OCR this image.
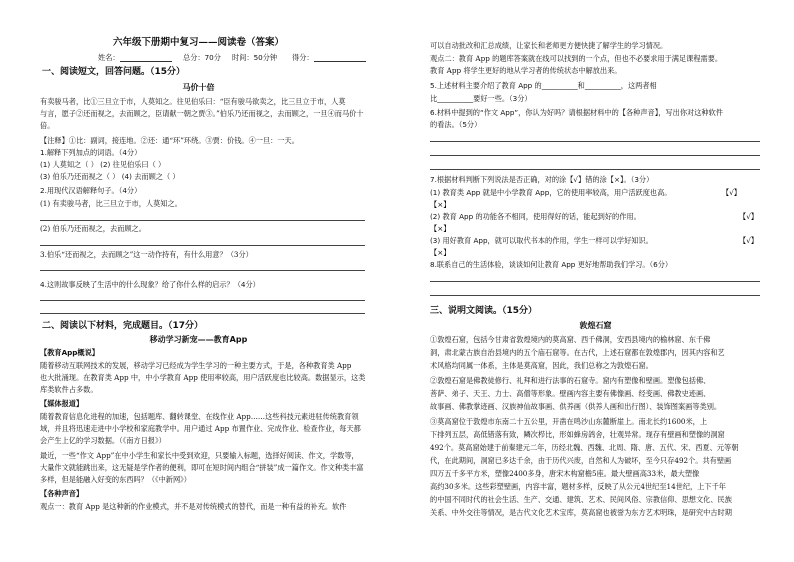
六年级下册期中复习——阅读卷（答案）
姓名：	总分：70分 时间：50分钟 得分：
一、阅读短文，回答问题。（15分）
马价十倍
有卖骏马者，比①三旦立于市，人莫知之。往见伯乐曰：“臣有骏马欲卖之，比三旦立于市，人莫
与言，愿子②还而视之，去而顾之，臣请献一朝之贾③。”伯乐乃还而视之，去而顾之，一旦④而马价十
倍。
【注释】①比：副词，接连地。②还：通“环”环绕。③贾：价钱。④一旦：一天。
1.解释下列加点的词语。（4分）
(1) 人莫知之（ ） (2) 往见伯乐曰（ ）
(3) 伯乐乃还而视之（ ） (4) 去而顾之（ ）
2.用现代汉语解释句子。（4分）
(1) 有卖骏马者，比三旦立于市，人莫知之。
(2) 伯乐乃还而视之，去而顾之。
3.伯乐“还而视之，去而顾之”这一动作持有，有什么用意？（3分）
4.这则故事反映了生活中的什么现象？给了你什么样的启示？（4分）
二、阅读以下材料，完成题目。（17分）
移动学习新宠——教育App
【教育App概说】
随着移动互联网技术的发展，移动学习已经成为学生学习的一种主要方式，于是，各种教育类 App
也大批涌现。在教育类 App 中，中小学教育 App 使用率较高，用户活跃度也比较高。数据显示，这类
库类软件占多数。
【媒体报道】
随着教育信息化进程的加速，包括题库、翻转课堂、在线作业 App……这些科技元素进驻传统教育领
域，并且将迅速走进中小学校和家庭教学中。用户通过 App 布置作业、完成作业、检查作业，每天都
会产生上亿的学习数据。（《南方日报》）
最近，一些“作文 App”在中小学生和家长中受到欢迎，只要输入标题，选择好阅读、作文，学数等，
大量作文就能跳出来，这无疑是学作者的便利，即可在短时间内组合“拼装”成一篇作文。作文种类丰富
多样，但是能融入好变的东西吗？（《中新网》）
【各种声音】
观点一：教育 App 是这种新的作业模式，并不是对传统模式的替代，而是一种有益的补充。软件
可以自动批改和汇总成绩，让家长和老师更方便快捷了解学生的学习情况。
观点二：教育 App 的题库答案就在线可以找到的一个点，但也不必要求用于满足课程需要。
教育 App 将学生更好的地从学习者的传统状态中解放出来。
5.上述材料主要介绍了教育 App 的__________和__________，这两者相
比__________要好一些。（3分）
6.材料中提到的“作文 App”，你认为好吗？请根据材料中的【各种声音】，写出你对这种软件
的看法。（5分）
7.根据材料判断下列说法是否正确，对的涂【√】错的涂【×】。（3分）
(1) 教育类 App 就是中小学教育 App，它的使用率较高，用户活跃度也高。	【√】
【×】
(2) 教育 App 的功能各不相同，使用得好的话，能起到好的作用。	【√】
【×】
(3) 用好教育 App，就可以取代书本的作用，学生一样可以学好知识。	【√】
【×】
8.联系自己的生活体验，谈谈如何让教育 App 更好地帮助我们学习。（6分）
三、说明文阅读。（15分）
敦煌石窟
①敦煌石窟，包括今甘肃省敦煌境内的莫高窟、西千佛洞，安西县境内的榆林窟、东千佛
洞，肃北蒙古族自治县境内的五个庙石窟等。在古代，上述石窟都在敦煌郡内，因其内容和艺
术风格均同属一体系，主体是莫高窟，因此，我们总称之为敦煌石窟。
②敦煌石窟是佛教徒修行、礼拜和进行法事的石窟寺。窟内有塑像和壁画。塑像包括佛、
菩萨、弟子、天王、力士、高僧等形象。壁画内容主要有佛像画、经变画、佛教史迹画、
故事画、佛教掌迹画、汉族神仙故事画、供养画（供养人画和出行图）、装饰图案画等类别。
③莫高窟位于敦煌市东南二十五公里，开凿在鸣沙山东麓断崖上。南北长约1600米，上
下排列五层，高低错落有致，鳞次栉比，形如蜂房鸽舍，壮观异常。现存有壁画和塑像的洞窟
492个。莫高窟始建于前秦建元二年，历经北魏、西魏、北周、隋、唐、五代、宋、西夏、元等朝
代，在此期间，洞窟已多达千余，由于历代兴废，自然和人为破坏，至今只存492个。共有壁画
四万五千多平方米，塑像2400多身，唐宋木构窟檐5座。最大壁画高33米，最大塑像
高约30多米。这些彩塑壁画，内容丰富，题材多样，反映了从公元4世纪至14世纪，上下千年
的中国不同时代的社会生活、生产、交通、建筑、艺术、民间风俗、宗教信仰、思想文化、民族
关系、中外交往等情况，是古代文化艺术宝库，莫高窟也被誉为东方艺术明珠，是研究中古时期
